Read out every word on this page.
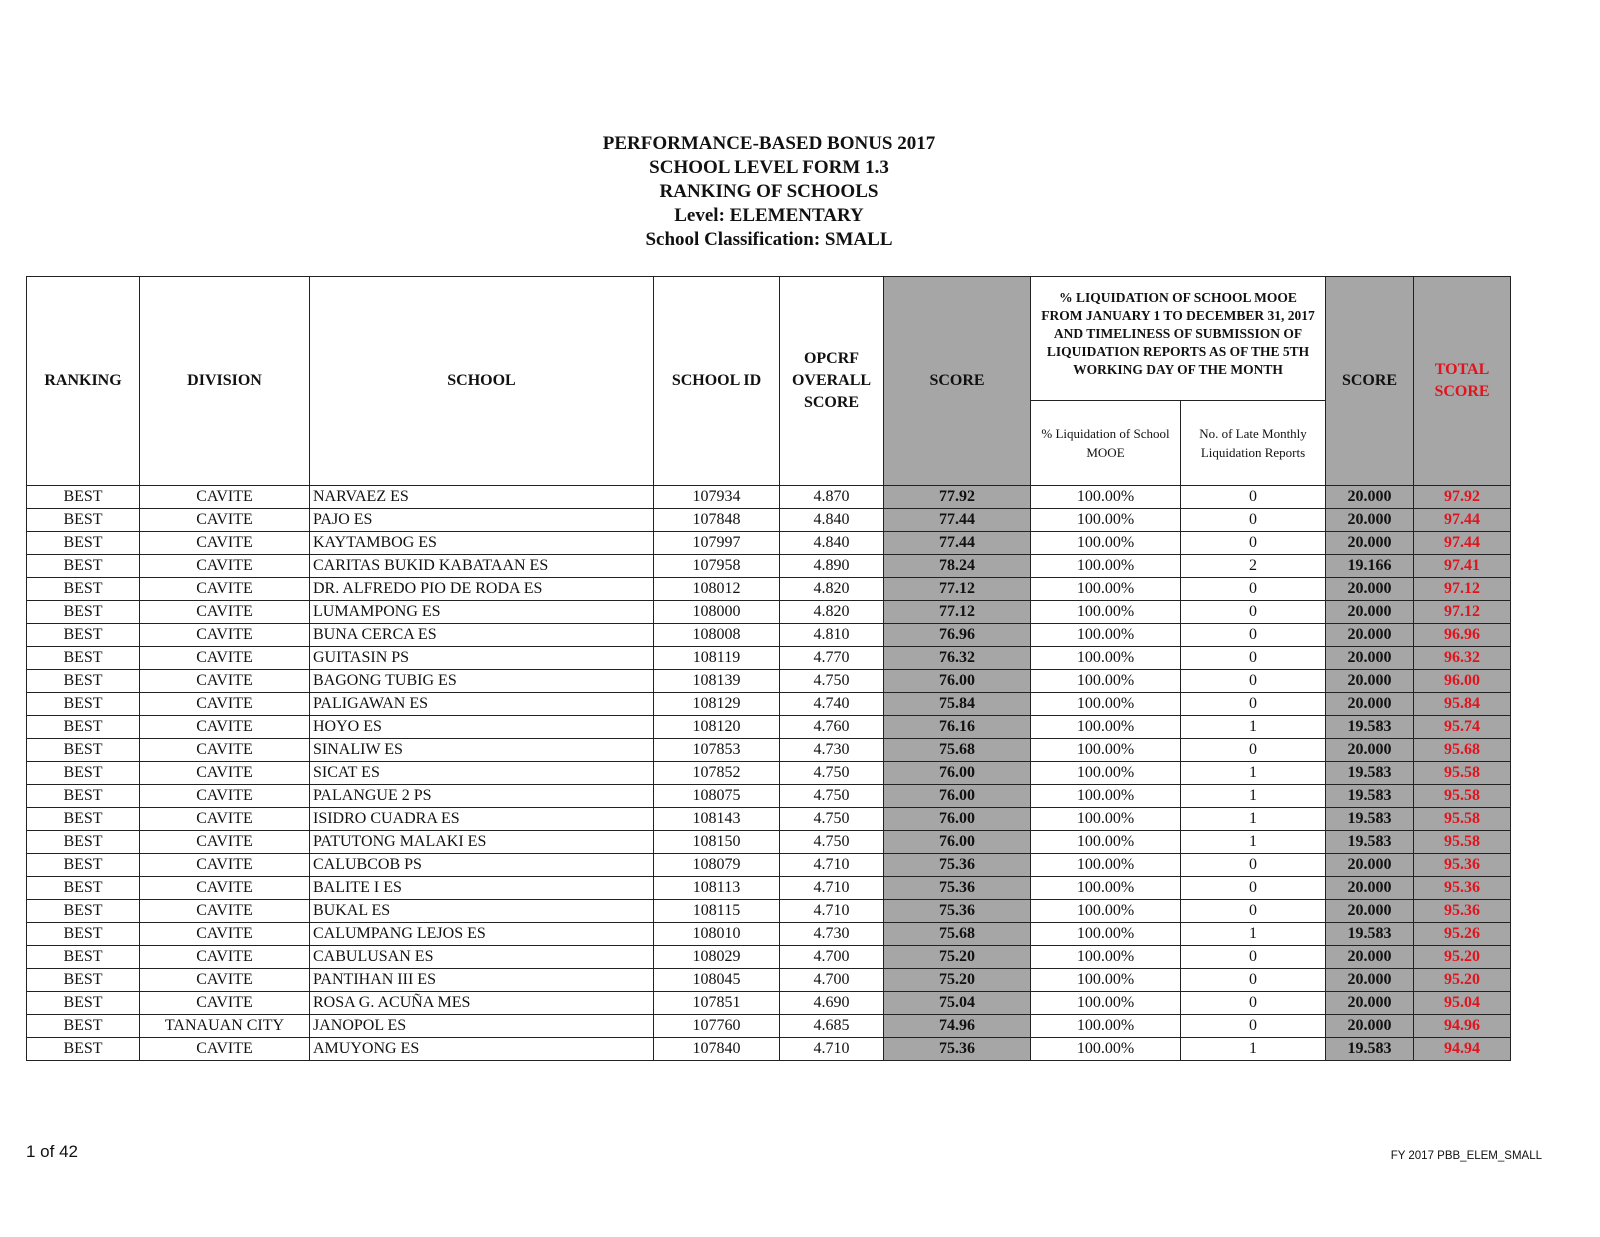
PERFORMANCE-BASED BONUS 2017
SCHOOL LEVEL FORM 1.3
RANKING OF SCHOOLS
Level: ELEMENTARY
School Classification: SMALL
RANKING	DIVISION	SCHOOL	SCHOOL ID	OPCRF OVERALL SCORE	SCORE	% LIQUIDATION OF SCHOOL MOOE FROM JANUARY 1 TO DECEMBER 31, 2017 AND TIMELINESS OF SUBMISSION OF LIQUIDATION REPORTS AS OF THE 5TH WORKING DAY OF THE MONTH		SCORE	TOTAL SCORE
						% Liquidation of School MOOE	No. of Late Monthly Liquidation Reports		
BEST	CAVITE	NARVAEZ ES	107934	4.870	77.92	100.00%	0	20.000	97.92
BEST	CAVITE	PAJO ES	107848	4.840	77.44	100.00%	0	20.000	97.44
BEST	CAVITE	KAYTAMBOG ES	107997	4.840	77.44	100.00%	0	20.000	97.44
BEST	CAVITE	CARITAS BUKID KABATAAN ES	107958	4.890	78.24	100.00%	2	19.166	97.41
BEST	CAVITE	DR. ALFREDO PIO DE RODA ES	108012	4.820	77.12	100.00%	0	20.000	97.12
BEST	CAVITE	LUMAMPONG ES	108000	4.820	77.12	100.00%	0	20.000	97.12
BEST	CAVITE	BUNA CERCA ES	108008	4.810	76.96	100.00%	0	20.000	96.96
BEST	CAVITE	GUITASIN PS	108119	4.770	76.32	100.00%	0	20.000	96.32
BEST	CAVITE	BAGONG TUBIG ES	108139	4.750	76.00	100.00%	0	20.000	96.00
BEST	CAVITE	PALIGAWAN ES	108129	4.740	75.84	100.00%	0	20.000	95.84
BEST	CAVITE	HOYO ES	108120	4.760	76.16	100.00%	1	19.583	95.74
BEST	CAVITE	SINALIW ES	107853	4.730	75.68	100.00%	0	20.000	95.68
BEST	CAVITE	SICAT ES	107852	4.750	76.00	100.00%	1	19.583	95.58
BEST	CAVITE	PALANGUE 2 PS	108075	4.750	76.00	100.00%	1	19.583	95.58
BEST	CAVITE	ISIDRO CUADRA ES	108143	4.750	76.00	100.00%	1	19.583	95.58
BEST	CAVITE	PATUTONG MALAKI ES	108150	4.750	76.00	100.00%	1	19.583	95.58
BEST	CAVITE	CALUBCOB PS	108079	4.710	75.36	100.00%	0	20.000	95.36
BEST	CAVITE	BALITE I ES	108113	4.710	75.36	100.00%	0	20.000	95.36
BEST	CAVITE	BUKAL ES	108115	4.710	75.36	100.00%	0	20.000	95.36
BEST	CAVITE	CALUMPANG LEJOS ES	108010	4.730	75.68	100.00%	1	19.583	95.26
BEST	CAVITE	CABULUSAN ES	108029	4.700	75.20	100.00%	0	20.000	95.20
BEST	CAVITE	PANTIHAN III ES	108045	4.700	75.20	100.00%	0	20.000	95.20
BEST	CAVITE	ROSA G. ACUÑA MES	107851	4.690	75.04	100.00%	0	20.000	95.04
BEST	TANAUAN CITY	JANOPOL ES	107760	4.685	74.96	100.00%	0	20.000	94.96
BEST	CAVITE	AMUYONG ES	107840	4.710	75.36	100.00%	1	19.583	94.94
1 of 42	FY 2017 PBB_ELEM_SMALL
